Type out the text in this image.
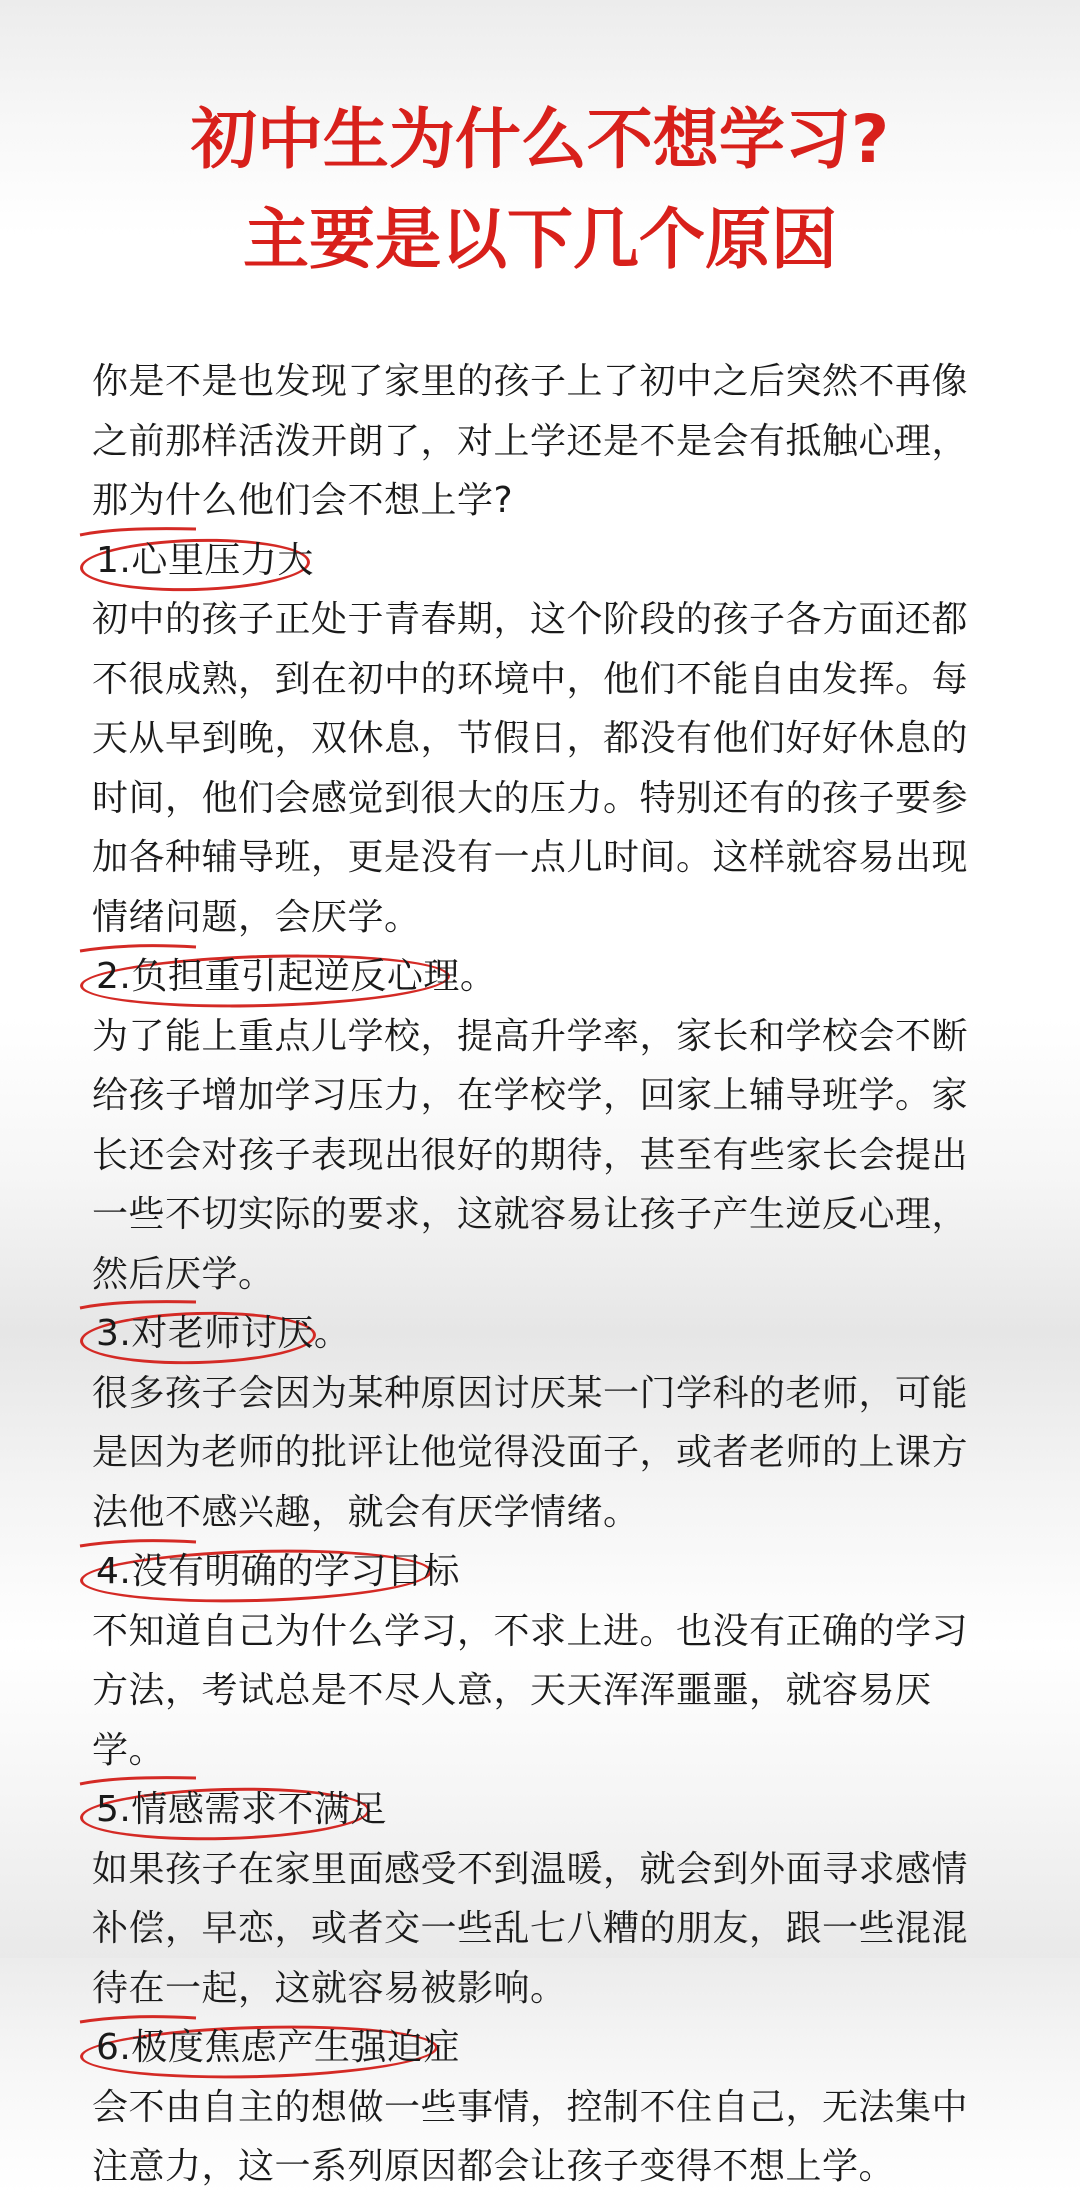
初中生为什么不想学习?
主要是以下几个原因

你是不是也发现了家里的孩子上了初中之后突然不再像之前那样活泼开朗了，对上学还是不是会有抵触心理，那为什么他们会不想上学?

1.心里压力大

初中的孩子正处于青春期，这个阶段的孩子各方面还都不很成熟，到在初中的环境中，他们不能自由发挥。每天从早到晚，双休息，节假日，都没有他们好好休息的时间，他们会感觉到很大的压力。特别还有的孩子要参加各种辅导班，更是没有一点儿时间。这样就容易出现情绪问题，会厌学。

2.负担重引起逆反心理。

为了能上重点儿学校，提高升学率，家长和学校会不断给孩子增加学习压力，在学校学，回家上辅导班学。家长还会对孩子表现出很好的期待，甚至有些家长会提出一些不切实际的要求，这就容易让孩子产生逆反心理，然后厌学。

3.对老师讨厌。

很多孩子会因为某种原因讨厌某一门学科的老师，可能是因为老师的批评让他觉得没面子，或者老师的上课方法他不感兴趣，就会有厌学情绪。

4.没有明确的学习目标

不知道自己为什么学习，不求上进。也没有正确的学习方法，考试总是不尽人意，天天浑浑噩噩，就容易厌学。

5.情感需求不满足

如果孩子在家里面感受不到温暖，就会到外面寻求感情补偿，早恋，或者交一些乱七八糟的朋友，跟一些混混待在一起，这就容易被影响。

6.极度焦虑产生强迫症

会不由自主的想做一些事情，控制不住自己，无法集中注意力，这一系列原因都会让孩子变得不想上学。
